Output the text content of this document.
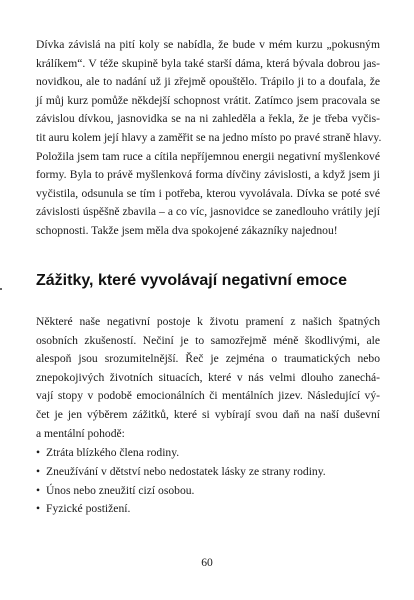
Dívka závislá na pití koly se nabídla, že bude v mém kurzu „pokusným
králíkem“. V téže skupině byla také starší dáma, která bývala dobrou jas-
novidkou, ale to nadání už ji zřejmě opouštělo. Trápilo ji to a doufala, že
jí můj kurz pomůže někdejší schopnost vrátit. Zatímco jsem pracovala se
závislou dívkou, jasnovidka se na ni zahleděla a řekla, že je třeba vyčis-
tit auru kolem její hlavy a zaměřit se na jedno místo po pravé straně hlavy.
Položila jsem tam ruce a cítila nepříjemnou energii negativní myšlenkové
formy. Byla to právě myšlenková forma dívčiny závislosti, a když jsem ji
vyčistila, odsunula se tím i potřeba, kterou vyvolávala. Dívka se poté své
závislosti úspěšně zbavila – a co víc, jasnovidce se zanedlouho vrátily její
schopnosti. Takže jsem měla dva spokojené zákazníky najednou!
Zážitky, které vyvolávají negativní emoce
Některé naše negativní postoje k životu pramení z našich špatných
osobních zkušeností. Nečiní je to samozřejmě méně škodlivými, ale
alespoň jsou srozumitelnější. Řeč je zejména o traumatických nebo
znepokojivých životních situacích, které v nás velmi dlouho zanechá-
vají stopy v podobě emocionálních či mentálních jizev. Následující vý-
čet je jen výběrem zážitků, které si vybírají svou daň na naší duševní
a mentální pohodě:
• Ztráta blízkého člena rodiny.
• Zneužívání v dětství nebo nedostatek lásky ze strany rodiny.
• Únos nebo zneužití cizí osobou.
• Fyzické postižení.
60
